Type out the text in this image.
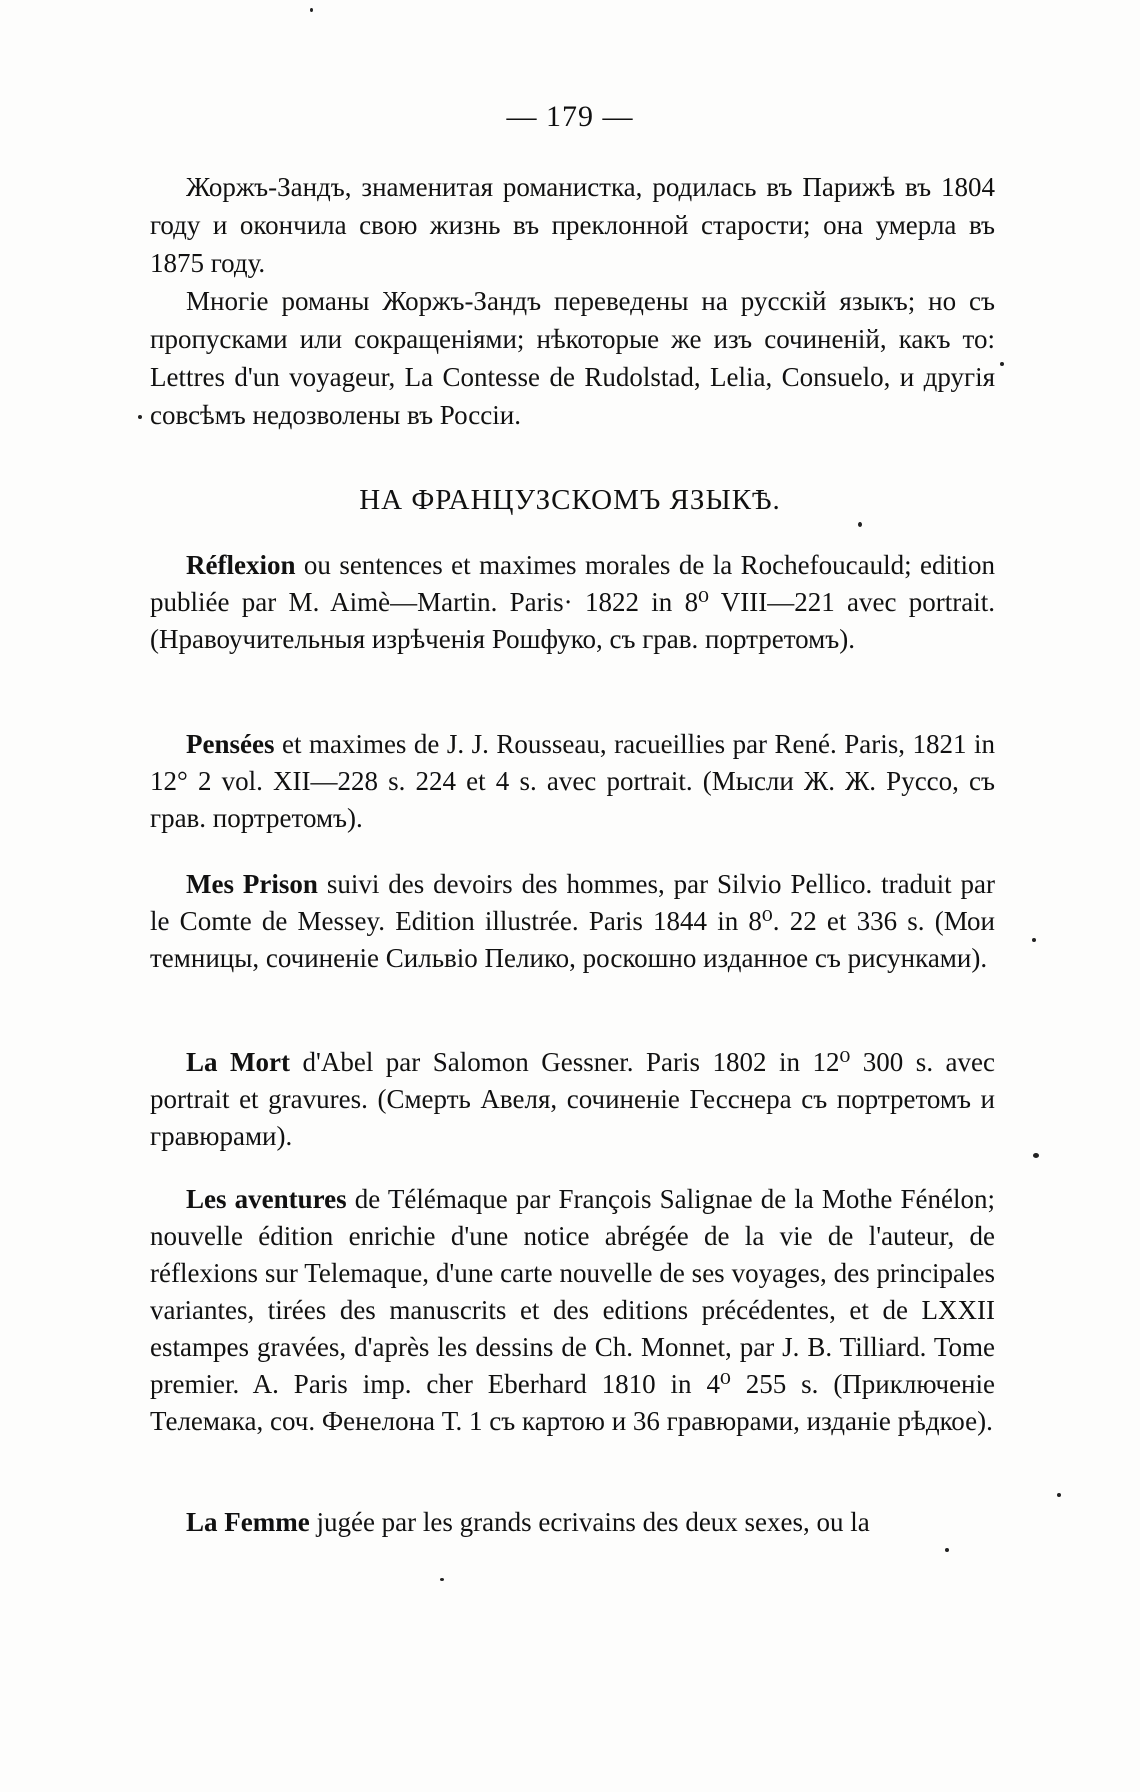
— 179 —

Жоржъ-Зандъ, знаменитая романистка, родилась въ Парижѣ въ 1804 году и окончила свою жизнь въ преклонной старости; она умерла въ 1875 году.

Многіе романы Жоржъ-Зандъ переведены на русскій языкъ; но съ пропусками или сокращеніями; нѣкоторые же изъ сочиненій, какъ то: Lettres d'un voyageur, La Contesse de Rudolstad, Lelia, Consuelo, и другія совсѣмъ недозволены въ Россіи.

НА ФРАНЦУЗСКОМЪ ЯЗЫКѢ.

Réflexion ou sentences et maximes morales de la Rochefoucauld; edition publiée par M. Aimè—Martin. Paris· 1822 in 8⁰ VIII—221 avec portrait. (Нравоучительныя изрѣченія Рошфуко, съ грав. портретомъ).

Pensées et maximes de J. J. Rousseau, racueillies par René. Paris, 1821 in 12° 2 vol. XII—228 s. 224 et 4 s. avec portrait. (Мысли Ж. Ж. Руссо, съ грав. портретомъ).

Mes Prison suivi des devoirs des hommes, par Silvio Pellico. traduit par le Comte de Messey. Edition illustrée. Paris 1844 in 8⁰. 22 et 336 s. (Мои темницы, сочиненіе Сильвіо Пелико, роскошно изданное съ рисунками).

La Mort d'Abel par Salomon Gessner. Paris 1802 in 12⁰ 300 s. avec portrait et gravures. (Смерть Авеля, сочиненіе Гесснера съ портретомъ и гравюрами).

Les aventures de Télémaque par François Salignae de la Mothe Fénélon; nouvelle édition enrichie d'une notice abrégée de la vie de l'auteur, de réflexions sur Telemaque, d'une carte nouvelle de ses voyages, des principales variantes, tirées des manuscrits et des editions précédentes, et de LXXII estampes gravées, d'après les dessins de Ch. Monnet, par J. B. Tilliard. Tome premier. A. Paris imp. cher Eberhard 1810 in 4⁰ 255 s. (Приключеніе Телемака, соч. Фенелона Т. 1 съ картою и 36 гравюрами, изданіе рѣдкое).

La Femme jugée par les grands ecrivains des deux sexes, ou la
